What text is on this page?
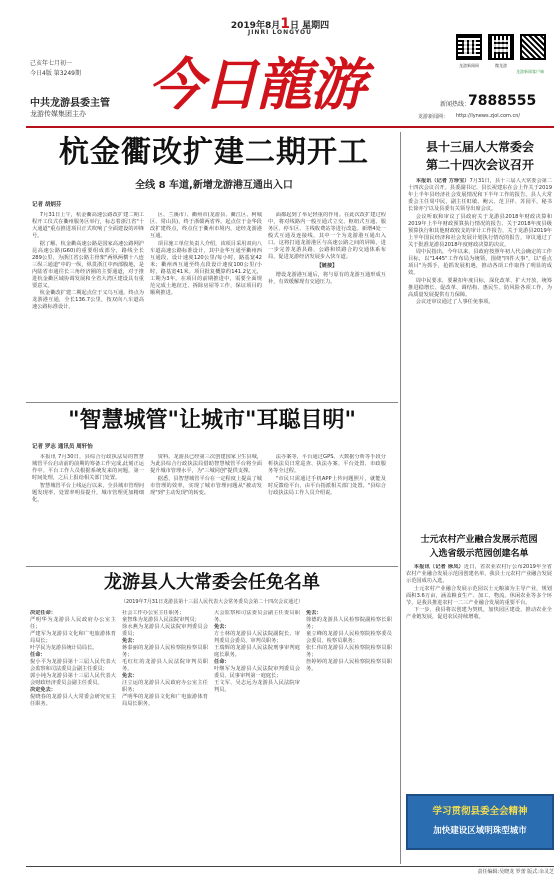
2019年8月1日 星期四
JINRI LONGYOU
己亥年七月初一
今日4版 第3249期
中共龙游县委主管
龙游传媒集团主办 今日龍游	龙游新闻网	微龙游
龙游新闻客户端
新闻热线：
7888555
龙游新闻网： http://lynews.zjol.com.cn/
杭金衢改扩建二期开工
全线 8 车道,新增龙游港互通出入口
记者 胡炳芬

7月31日上午，杭金衢高速公路改扩建二期工程开工仪式在衢州服务区举行，标志着浙江省"十大通道"重点推进项目正式吹响了全面建设的冲锋号。

据了解，杭金衢高速公路是国家高速公路网沪昆高速公路(G60)的重要组成部分，路线全长289公里，为浙江省公路主骨架"两纵两横十八连三纵三通道"中的一纵，纵贯浙江中西部腹地，是内陆省市通往长三角经济圈的主要通道，对于推进杭金衢区域协调发展和全省大湾区建设具有重要意义。

杭金衢改扩建二期起点位于义乌互通，终点为龙游港互通，全长136.7公里，按双向八车道高速公路标准设计。

区、兰溪市）、衢州市(龙游县、衢江区、柯城区、常山县)，终于浙赣两省界，起点位于金华段改扩建终点，终点位于衢州市境内，途经龙游港互通。

项目施工单位负责人介绍，该项目采用双向八车道高速公路标准设计，其中金华互通至衢州西互通段，设计速度120公里/每小时，路基宽42米；衢州西互通至终点段设计速度100公里/小时，路基宽41米。项目批复概算约141.2亿元，工期为3年。在项目的前期推进中，需要全面规范完成土地征迁、拆除房屋等工作，保证项目的顺利推进。

面都起到了举足轻重的作用。在此次改扩建过程中，将对线路内一般互通式立交、枢纽式互通、服务区、停车区、主线收费站等进行改造。新增4处一般式互通及连接线，其中一个为龙游港互通出入口。这将打通龙游港区与高速公路之间的屏障，进一步完善龙游县路、公路和铁路合的交通体系布局，促进龙游经济发展步入快车道。

【链接】

增设龙游港互通后，将与原有的龙游互通形成互补，有效缓解现有交通压力。

县十三届人大常委会
第二十四次会议召开

本报讯（记者 方珍宝）7月31日，县十三届人大常委会第二十四次会议召开。县委副书记、县长祝建东在会上作关于2019年上半年县经济社会发展情况和下半年工作的报告。县人大常委会主任周中民，副主任虹敏、鲍云、范卫祥、苏园平，秘书长徐亦宁以及县委有关领导出席会议。

会议听取和审议了县政府关于龙游县2018年财政决算和2019年上半年财政预算执行情况的报告、关于2018年度县级预算执行和其他财政收支的审计工作报告，关于龙游县2019年上半年国民经济和社会发展计划执行情况的报告，审议通过了关于批准龙游县2018年度财政决算的决议。

周中民指出，今年以来，县政府按照年初人代会确定的工作目标，以"1445"工作布局为统领，围绕"四件大事"，以"重点项目"为抓手，抢抓发展机遇，推动各项工作取得了明显的成效。

周中民要求，要紧扣年度目标，深化改革、扩大开放，统筹推进稳增长、促改革、调结构、惠民生、防风险各项工作，为高质量发展提供有力保障。

会议还审议通过了人事任免事项。

"智慧城管"让城市"耳聪目明"
记者 罗志 通讯员 周轩怡

本报讯 7月30日，县综合行政执法局的智慧城管平台启动前的前期的筹备工作完成,此刻正运作中。平台工作人员根据系统发来的问题，第一时间处理，之后上报给相关部门处置。

智慧城管平台上线运行以来，全县城市管理问题发现率、处置率明显提升，城市管理更加精细化。

资料。龙游县已经第三次创建国家卫生县城，为此县综合行政执法局借助智慧城管平台将全面提升城市管理水平，为"三城同创"提供支撑。

据悉，县智慧城管平台在一定程度上提高了城市管理的效率，实现了城市管理问题从"被动发现"到"主动发现"的转变。

法办案等，平台通过GPS、大数据分析等手段分析执法员日常巡查、执法办案、平台处置、市政服务等全过程。

"市民只需通过手机APP上传问题照片，就能及时反馈给平台，由平台指派相关部门处置。"县综合行政执法局工作人员介绍说。

龙游县人大常委会任免名单
（2019年7月31日龙游县第十三届人民代表大会常务委员会第二十四次会议通过）
决定任命：
严明华为龙游县人民政府办公室主任；
严建军为龙游县文化和广电旅游体育局局长；
叶学民为龙游县统计局局长。
任命：
倪小平为龙游县第十三届人民代表大会监察和司法委员会副主任委员；
郭小钝为龙游县第十三届人民代表大会财政经济委员会副主任委员。
决定免去：
倪晓春的龙游县人大常委会研究室主任职务。
社会工作办公室主任职务；
童智珠为龙游县人民法院审判员；
徐水燕为龙游县人民法院审判委员会委员；
免去：
蒋泰丽的龙游县人民检察院检察员职务；
毛红红的龙游县人民法院审判员职务。
免去：
汪立运的龙游县人民政府办公室主任职务；
严明华的龙游县文化和广电旅游体育局局长职务。
大会监察和司法委员会副主任委员职务。
免去：
方士林的龙游县人民法院副院长、审判委员会委员、审判员职务；
王瑞辉的龙游县人民法院刑事审判庭庭长职务。
任命：
叶继军为龙游县人民法院审判委员会委员、民事审判第一庭庭长；
王文军、吴志远为龙游县人民法院审判员。
免去：
徐德的龙游县人民检察院副检察长职务；
童立峰的龙游县人民检察院检察委员会委员、检察员职务；
张仁伟的龙游县人民检察院检察员职务；
詹婷婷的龙游县人民检察院检察员职务。
士元农村产业融合发展示范园
入选省级示范园创建名单

本报讯（记者 徐凤）近日，省农业农村厅公布2019年全省农村产业融合发展示范园创建名单，我县士元农村产业融合发展示范园成功入选。

士元农村产业融合发展示范园以士元粮油为主导产业，规划面积3.6万亩，涵盖粮食生产、加工、物流、休闲农业等多个环节，是我县推进农村一二三产业融合发展的重要平台。

下一步，我县将以创建为契机，加快园区建设，推动农业全产业链发展，促进农民持续增收。

学习贯彻县委全会精神
加快建设区域明珠型城市
责任编辑:吴晓龙 罗蕾 版式:余灵芝
